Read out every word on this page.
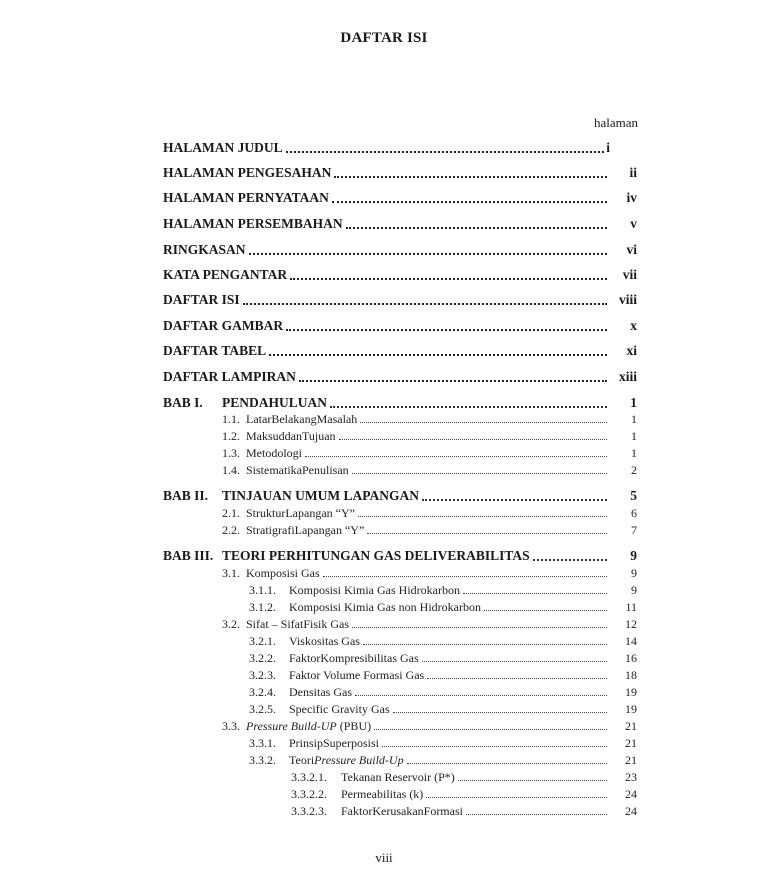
DAFTAR ISI
halaman
HALAMAN JUDUL	i
HALAMAN PENGESAHAN	ii
HALAMAN PERNYATAAN	iv
HALAMAN PERSEMBAHAN	v
RINGKASAN	vi
KATA PENGANTAR	vii
DAFTAR ISI	viii
DAFTAR GAMBAR	x
DAFTAR TABEL	xi
DAFTAR LAMPIRAN	xiii
BAB I.	PENDAHULUAN	1
1.1. LatarBelakangMasalah	1
1.2. MaksuddanTujuan	1
1.3. Metodologi	1
1.4. SistematikaPenulisan	2
BAB II.	TINJAUAN UMUM LAPANGAN	5
2.1. StrukturLapangan “Y”	6
2.2. StratigrafiLapangan “Y”	7
BAB III. TEORI PERHITUNGAN GAS DELIVERABILITAS	9
3.1. Komposisi Gas	9
3.1.1.	Komposisi Kimia Gas Hidrokarbon	9
3.1.2.	Komposisi Kimia Gas non Hidrokarbon	11
3.2. Sifat – SifatFisik Gas	12
3.2.1.	Viskositas Gas	14
3.2.2.	FaktorKompresibilitas Gas	16
3.2.3.	Faktor Volume Formasi Gas	18
3.2.4.	Densitas Gas	19
3.2.5.	Specific Gravity Gas	19
3.3. Pressure Build-UP (PBU)	21
3.3.1.	PrinsipSuperposisi	21
3.3.2.	TeoriPressure Build-Up	21
3.3.2.1.	Tekanan Reservoir (P*)	23
3.3.2.2.	Permeabilitas (k)	24
3.3.2.3.	FaktorKerusakanFormasi	24
viii
